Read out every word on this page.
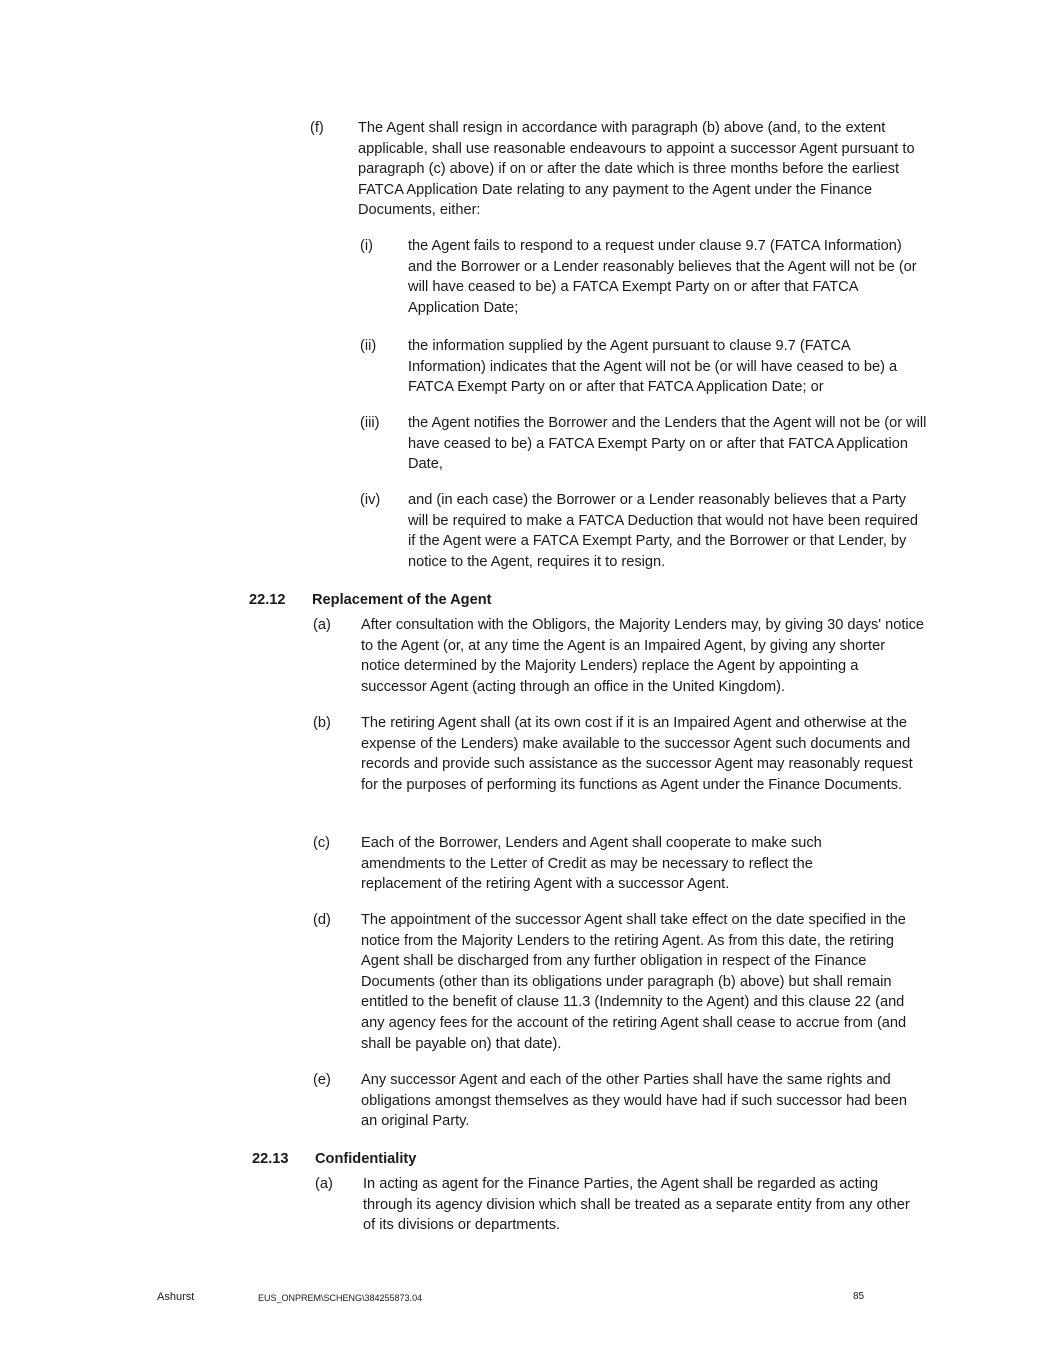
(f) The Agent shall resign in accordance with paragraph (b) above (and, to the extent applicable, shall use reasonable endeavours to appoint a successor Agent pursuant to paragraph (c) above) if on or after the date which is three months before the earliest FATCA Application Date relating to any payment to the Agent under the Finance Documents, either:
(i) the Agent fails to respond to a request under clause 9.7 (FATCA Information) and the Borrower or a Lender reasonably believes that the Agent will not be (or will have ceased to be) a FATCA Exempt Party on or after that FATCA Application Date;
(ii) the information supplied by the Agent pursuant to clause 9.7 (FATCA Information) indicates that the Agent will not be (or will have ceased to be) a FATCA Exempt Party on or after that FATCA Application Date; or
(iii) the Agent notifies the Borrower and the Lenders that the Agent will not be (or will have ceased to be) a FATCA Exempt Party on or after that FATCA Application Date,
(iv) and (in each case) the Borrower or a Lender reasonably believes that a Party will be required to make a FATCA Deduction that would not have been required if the Agent were a FATCA Exempt Party, and the Borrower or that Lender, by notice to the Agent, requires it to resign.
22.12 Replacement of the Agent
(a) After consultation with the Obligors, the Majority Lenders may, by giving 30 days' notice to the Agent (or, at any time the Agent is an Impaired Agent, by giving any shorter notice determined by the Majority Lenders) replace the Agent by appointing a successor Agent (acting through an office in the United Kingdom).
(b) The retiring Agent shall (at its own cost if it is an Impaired Agent and otherwise at the expense of the Lenders) make available to the successor Agent such documents and records and provide such assistance as the successor Agent may reasonably request for the purposes of performing its functions as Agent under the Finance Documents.
(c) Each of the Borrower, Lenders and Agent shall cooperate to make such amendments to the Letter of Credit as may be necessary to reflect the replacement of the retiring Agent with a successor Agent.
(d) The appointment of the successor Agent shall take effect on the date specified in the notice from the Majority Lenders to the retiring Agent. As from this date, the retiring Agent shall be discharged from any further obligation in respect of the Finance Documents (other than its obligations under paragraph (b) above) but shall remain entitled to the benefit of clause 11.3 (Indemnity to the Agent) and this clause 22 (and any agency fees for the account of the retiring Agent shall cease to accrue from (and shall be payable on) that date).
(e) Any successor Agent and each of the other Parties shall have the same rights and obligations amongst themselves as they would have had if such successor had been an original Party.
22.13 Confidentiality
(a) In acting as agent for the Finance Parties, the Agent shall be regarded as acting through its agency division which shall be treated as a separate entity from any other of its divisions or departments.
Ashurst	EUS_ONPREM\SCHENG\384255873.04	85
